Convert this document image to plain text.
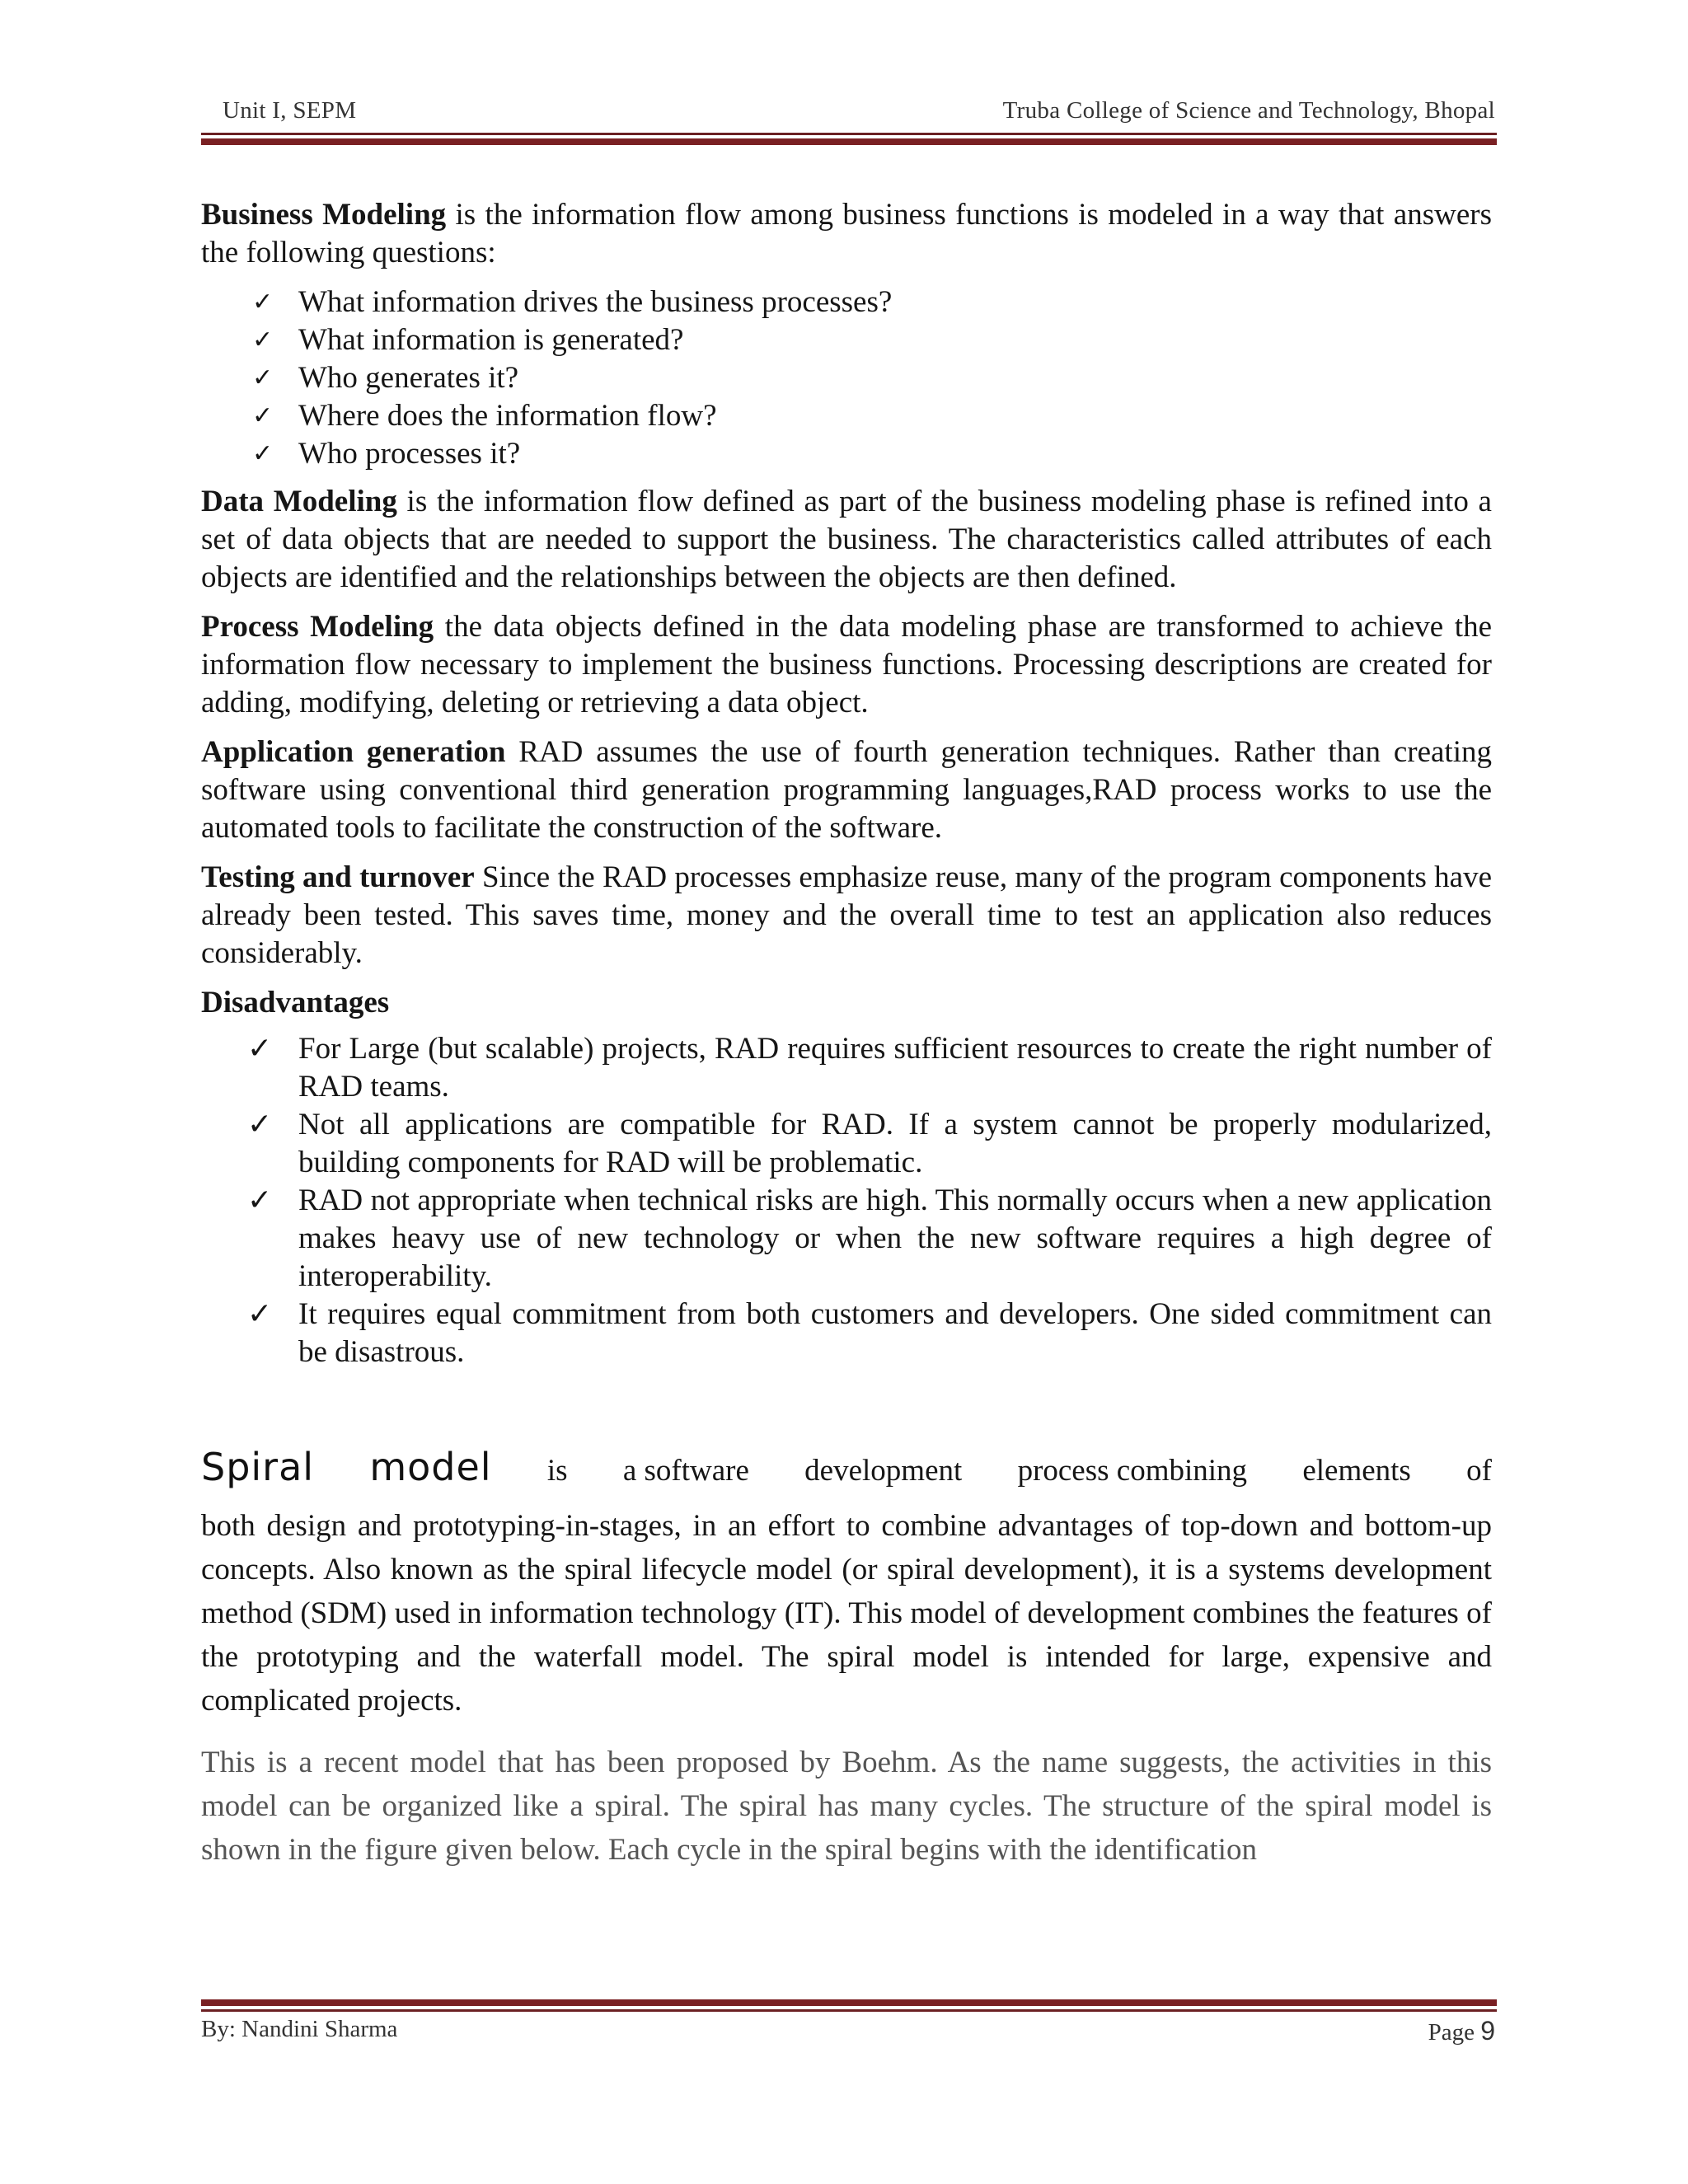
Unit I, SEPM	Truba College of Science and Technology, Bhopal

Business Modeling is the information flow among business functions is modeled in a way that answers the following questions:

✓ What information drives the business processes?
✓ What information is generated?
✓ Who generates it?
✓ Where does the information flow?
✓ Who processes it?

Data Modeling is the information flow defined as part of the business modeling phase is refined into a set of data objects that are needed to support the business. The characteristics called attributes of each objects are identified and the relationships between the objects are then defined.

Process Modeling the data objects defined in the data modeling phase are transformed to achieve the information flow necessary to implement the business functions. Processing descriptions are created for adding, modifying, deleting or retrieving a data object.

Application generation RAD assumes the use of fourth generation techniques. Rather than creating software using conventional third generation programming languages,RAD process works to use the automated tools to facilitate the construction of the software.

Testing and turnover Since the RAD processes emphasize reuse, many of the program components have already been tested. This saves time, money and the overall time to test an application also reduces considerably.

Disadvantages
✓ For Large (but scalable) projects, RAD requires sufficient resources to create the right number of RAD teams.
✓ Not all applications are compatible for RAD. If a system cannot be properly modularized, building components for RAD will be problematic.
✓ RAD not appropriate when technical risks are high. This normally occurs when a new application makes heavy use of new technology or when the new software requires a high degree of interoperability.
✓ It requires equal commitment from both customers and developers. One sided commitment can be disastrous.
Spiral model is a software development process combining elements of
both design and prototyping-in-stages, in an effort to combine advantages of top-down and bottom-up concepts. Also known as the spiral lifecycle model (or spiral development), it is a systems development method (SDM) used in information technology (IT). This model of development combines the features of the prototyping and the waterfall model. The spiral model is intended for large, expensive and complicated projects.
This is a recent model that has been proposed by Boehm. As the name suggests, the activities in this model can be organized like a spiral. The spiral has many cycles. The structure of the spiral model is shown in the figure given below. Each cycle in the spiral begins with the identification
By: Nandini Sharma	Page 9
